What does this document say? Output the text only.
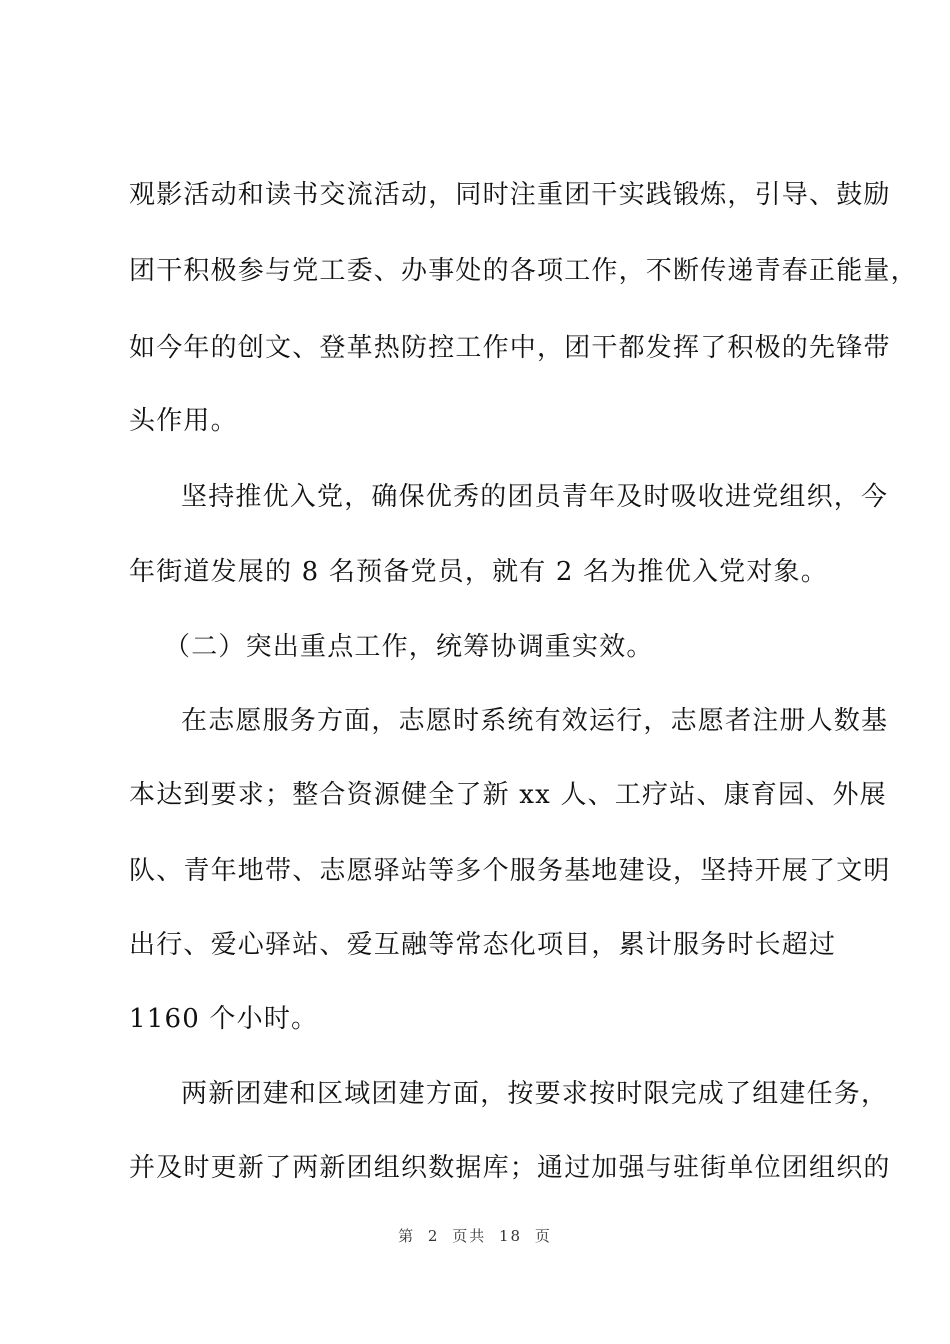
观影活动和读书交流活动，同时注重团干实践锻炼，引导、鼓励
团干积极参与党工委、办事处的各项工作，不断传递青春正能量，
如今年的创文、登革热防控工作中，团干都发挥了积极的先锋带
头作用。
坚持推优入党，确保优秀的团员青年及时吸收进党组织，今
年街道发展的 8 名预备党员，就有 2 名为推优入党对象。
（二）突出重点工作，统筹协调重实效。
在志愿服务方面，志愿时系统有效运行，志愿者注册人数基
本达到要求；整合资源健全了新 xx 人、工疗站、康育园、外展
队、青年地带、志愿驿站等多个服务基地建设，坚持开展了文明
出行、爱心驿站、爱互融等常态化项目，累计服务时长超过
1160 个小时。
两新团建和区域团建方面，按要求按时限完成了组建任务，
并及时更新了两新团组织数据库；通过加强与驻街单位团组织的
第 2 页共 18 页
